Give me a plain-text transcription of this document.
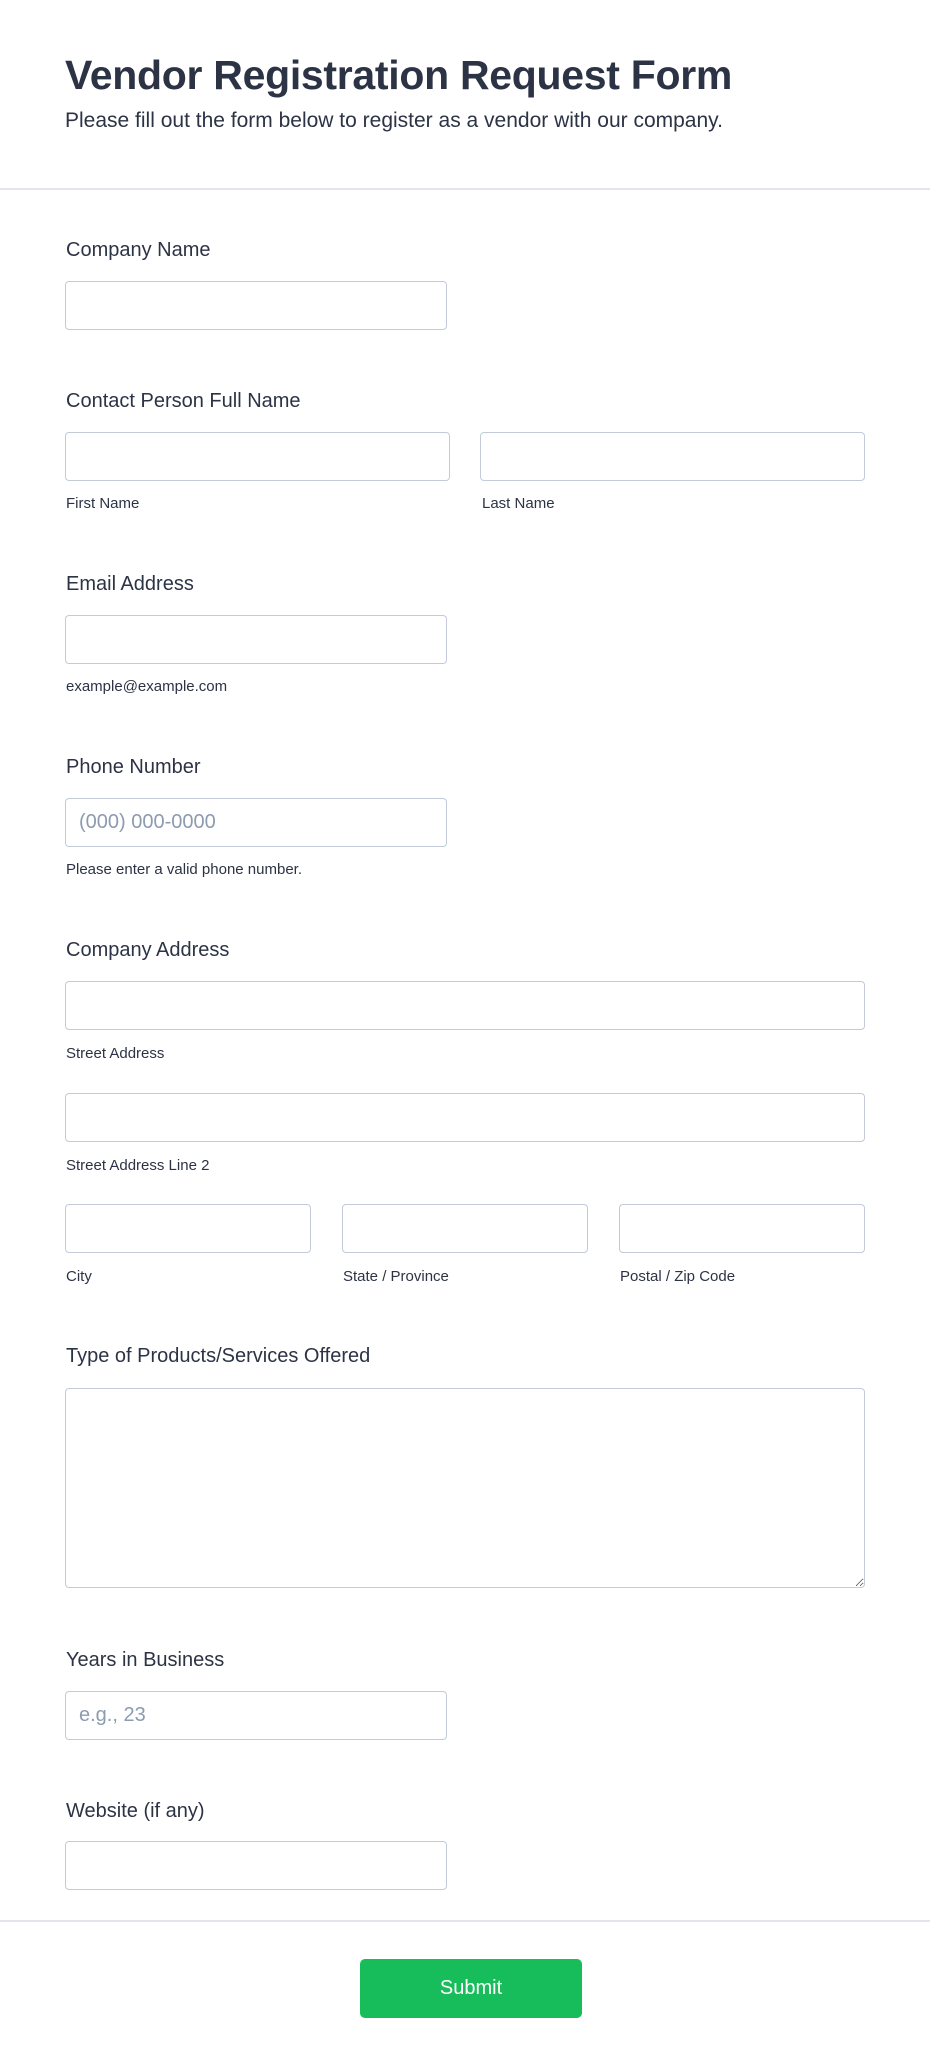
Vendor Registration Request Form
Please fill out the form below to register as a vendor with our company.
Company Name
Contact Person Full Name
First Name	Last Name
Email Address
example@example.com
Phone Number
(000) 000-0000
Please enter a valid phone number.
Company Address
Street Address
Street Address Line 2
City	State / Province	Postal / Zip Code
Type of Products/Services Offered
Years in Business
e.g., 23
Website (if any)
Submit
